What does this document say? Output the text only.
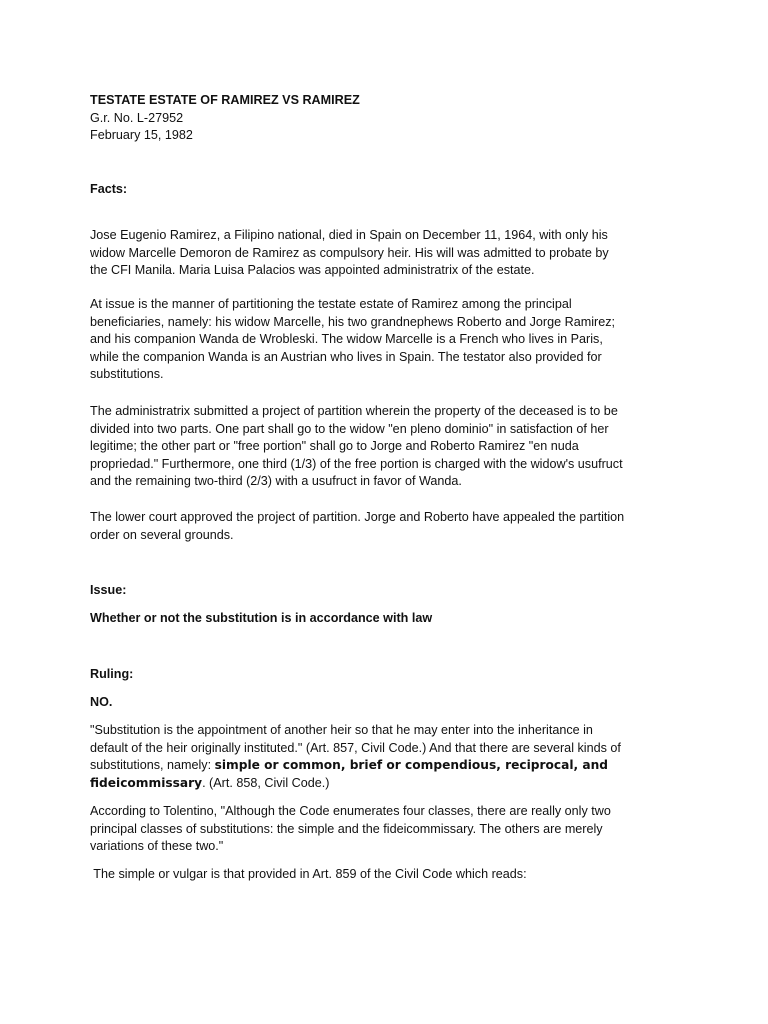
TESTATE ESTATE OF RAMIREZ VS RAMIREZ
G.r. No. L-27952
February 15, 1982
Facts:
Jose Eugenio Ramirez, a Filipino national, died in Spain on December 11, 1964, with only his
widow Marcelle Demoron de Ramirez as compulsory heir. His will was admitted to probate by
the CFI Manila. Maria Luisa Palacios was appointed administratrix of the estate.
At issue is the manner of partitioning the testate estate of Ramirez among the principal
beneficiaries, namely: his widow Marcelle, his two grandnephews Roberto and Jorge Ramirez;
and his companion Wanda de Wrobleski. The widow Marcelle is a French who lives in Paris,
while the companion Wanda is an Austrian who lives in Spain. The testator also provided for
substitutions.
The administratrix submitted a project of partition wherein the property of the deceased is to be
divided into two parts. One part shall go to the widow "en pleno dominio" in satisfaction of her
legitime; the other part or "free portion" shall go to Jorge and Roberto Ramirez "en nuda
propriedad." Furthermore, one third (1/3) of the free portion is charged with the widow's usufruct
and the remaining two-third (2/3) with a usufruct in favor of Wanda.
The lower court approved the project of partition. Jorge and Roberto have appealed the partition
order on several grounds.
Issue:
Whether or not the substitution is in accordance with law
Ruling:
NO.
"Substitution is the appointment of another heir so that he may enter into the inheritance in
default of the heir originally instituted." (Art. 857, Civil Code.) And that there are several kinds of
substitutions, namely: simple or common, brief or compendious, reciprocal, and
fideicommissary. (Art. 858, Civil Code.)
According to Tolentino, "Although the Code enumerates four classes, there are really only two
principal classes of substitutions: the simple and the fideicommissary. The others are merely
variations of these two."
The simple or vulgar is that provided in Art. 859 of the Civil Code which reads:
